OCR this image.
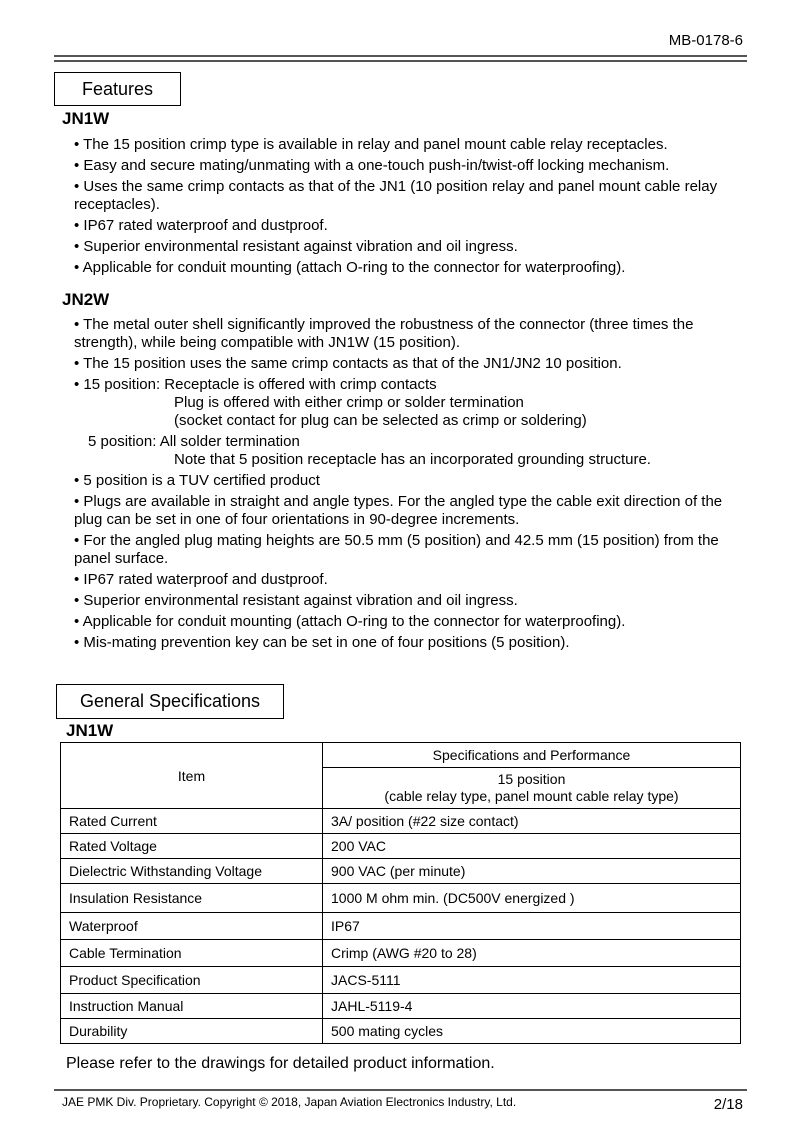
MB-0178-6
Features
JN1W

• The 15 position crimp type is available in relay and panel mount cable relay receptacles.

• Easy and secure mating/unmating with a one-touch push-in/twist-off locking mechanism.

• Uses the same crimp contacts as that of the JN1 (10 position relay and panel mount cable relay receptacles).

• IP67 rated waterproof and dustproof.

• Superior environmental resistant against vibration and oil ingress.

• Applicable for conduit mounting (attach O-ring to the connector for waterproofing).

JN2W

• The metal outer shell significantly improved the robustness of the connector (three times the strength), while being compatible with JN1W (15 position).

• The 15 position uses the same crimp contacts as that of the JN1/JN2 10 position.

• 15 position: Receptacle is offered with crimp contacts

Plug is offered with either crimp or solder termination

(socket contact for plug can be selected as crimp or soldering)

5 position: All solder termination

Note that 5 position receptacle has an incorporated grounding structure.

• 5 position is a TUV certified product

• Plugs are available in straight and angle types. For the angled type the cable exit direction of the plug can be set in one of four orientations in 90-degree increments.

• For the angled plug mating heights are 50.5 mm (5 position) and 42.5 mm (15 position) from the panel surface.

• IP67 rated waterproof and dustproof.

• Superior environmental resistant against vibration and oil ingress.

• Applicable for conduit mounting (attach O-ring to the connector for waterproofing).

• Mis-mating prevention key can be set in one of four positions (5 position).

General Specifications
JN1W
Item	Specifications and Performance

	15 position
(cable relay type, panel mount cable relay type)

Rated Current	3A/ position (#22 size contact)
Rated Voltage	200 VAC
Dielectric Withstanding Voltage	900 VAC (per minute)
Insulation Resistance	1000 M ohm min. (DC500V energized )
Waterproof	IP67
Cable Termination	Crimp (AWG #20 to 28)
Product Specification	JACS-5111
Instruction Manual	JAHL-5119-4
Durability	500 mating cycles
Please refer to the drawings for detailed product information.
JAE PMK Div. Proprietary. Copyright © 2018, Japan Aviation Electronics Industry, Ltd.	2/18
